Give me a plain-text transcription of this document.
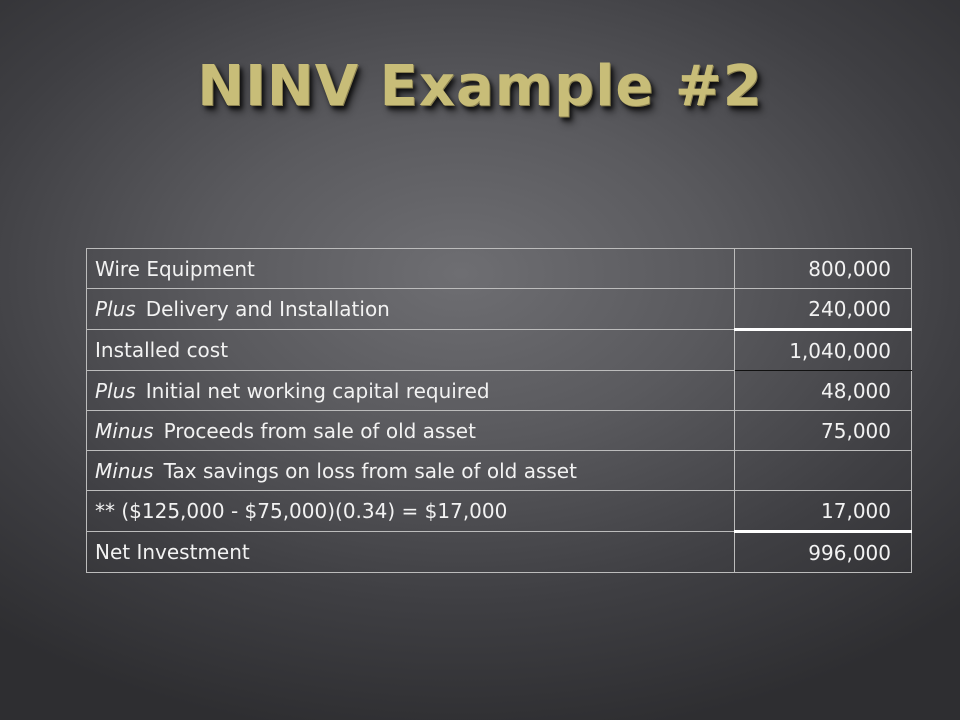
NINV Example #2
Wire Equipment	800,000
Plus Delivery and Installation	240,000
Installed cost	1,040,000
Plus Initial net working capital required	48,000
Minus Proceeds from sale of old asset	75,000
Minus Tax savings on loss from sale of old asset	
** ($125,000 - $75,000)(0.34) = $17,000	17,000
Net Investment	996,000
